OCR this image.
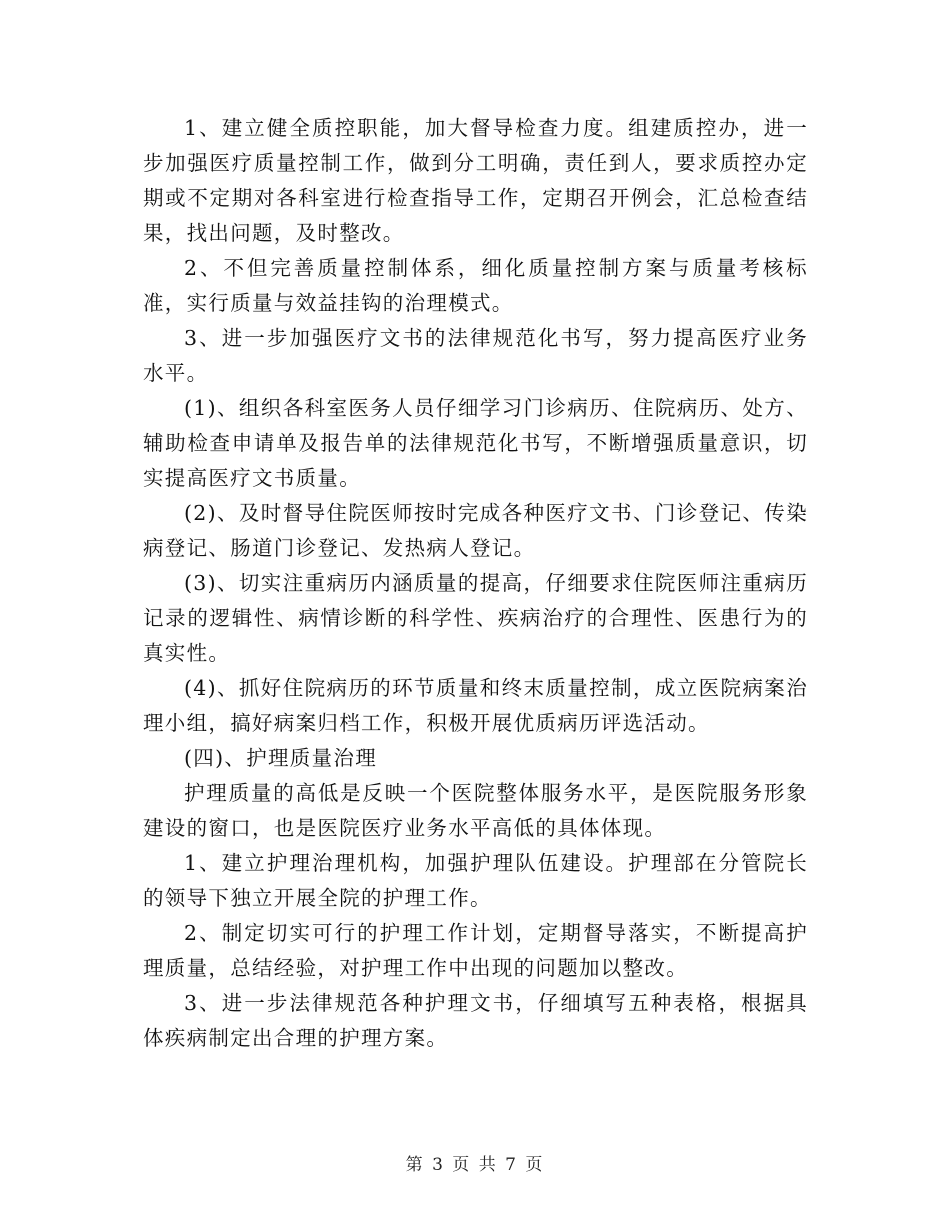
1、建立健全质控职能，加大督导检查力度。组建质控办，进一步加强医疗质量控制工作，做到分工明确，责任到人，要求质控办定期或不定期对各科室进行检查指导工作，定期召开例会，汇总检查结果，找出问题，及时整改。

2、不但完善质量控制体系，细化质量控制方案与质量考核标准，实行质量与效益挂钩的治理模式。

3、进一步加强医疗文书的法律规范化书写，努力提高医疗业务水平。

(1)、组织各科室医务人员仔细学习门诊病历、住院病历、处方、辅助检查申请单及报告单的法律规范化书写，不断增强质量意识，切实提高医疗文书质量。

(2)、及时督导住院医师按时完成各种医疗文书、门诊登记、传染病登记、肠道门诊登记、发热病人登记。

(3)、切实注重病历内涵质量的提高，仔细要求住院医师注重病历记录的逻辑性、病情诊断的科学性、疾病治疗的合理性、医患行为的真实性。

(4)、抓好住院病历的环节质量和终末质量控制，成立医院病案治理小组，搞好病案归档工作，积极开展优质病历评选活动。

(四)、护理质量治理

护理质量的高低是反映一个医院整体服务水平，是医院服务形象建设的窗口，也是医院医疗业务水平高低的具体体现。

1、建立护理治理机构，加强护理队伍建设。护理部在分管院长的领导下独立开展全院的护理工作。

2、制定切实可行的护理工作计划，定期督导落实，不断提高护理质量，总结经验，对护理工作中出现的问题加以整改。

3、进一步法律规范各种护理文书，仔细填写五种表格，根据具体疾病制定出合理的护理方案。

第 3 页 共 7 页
